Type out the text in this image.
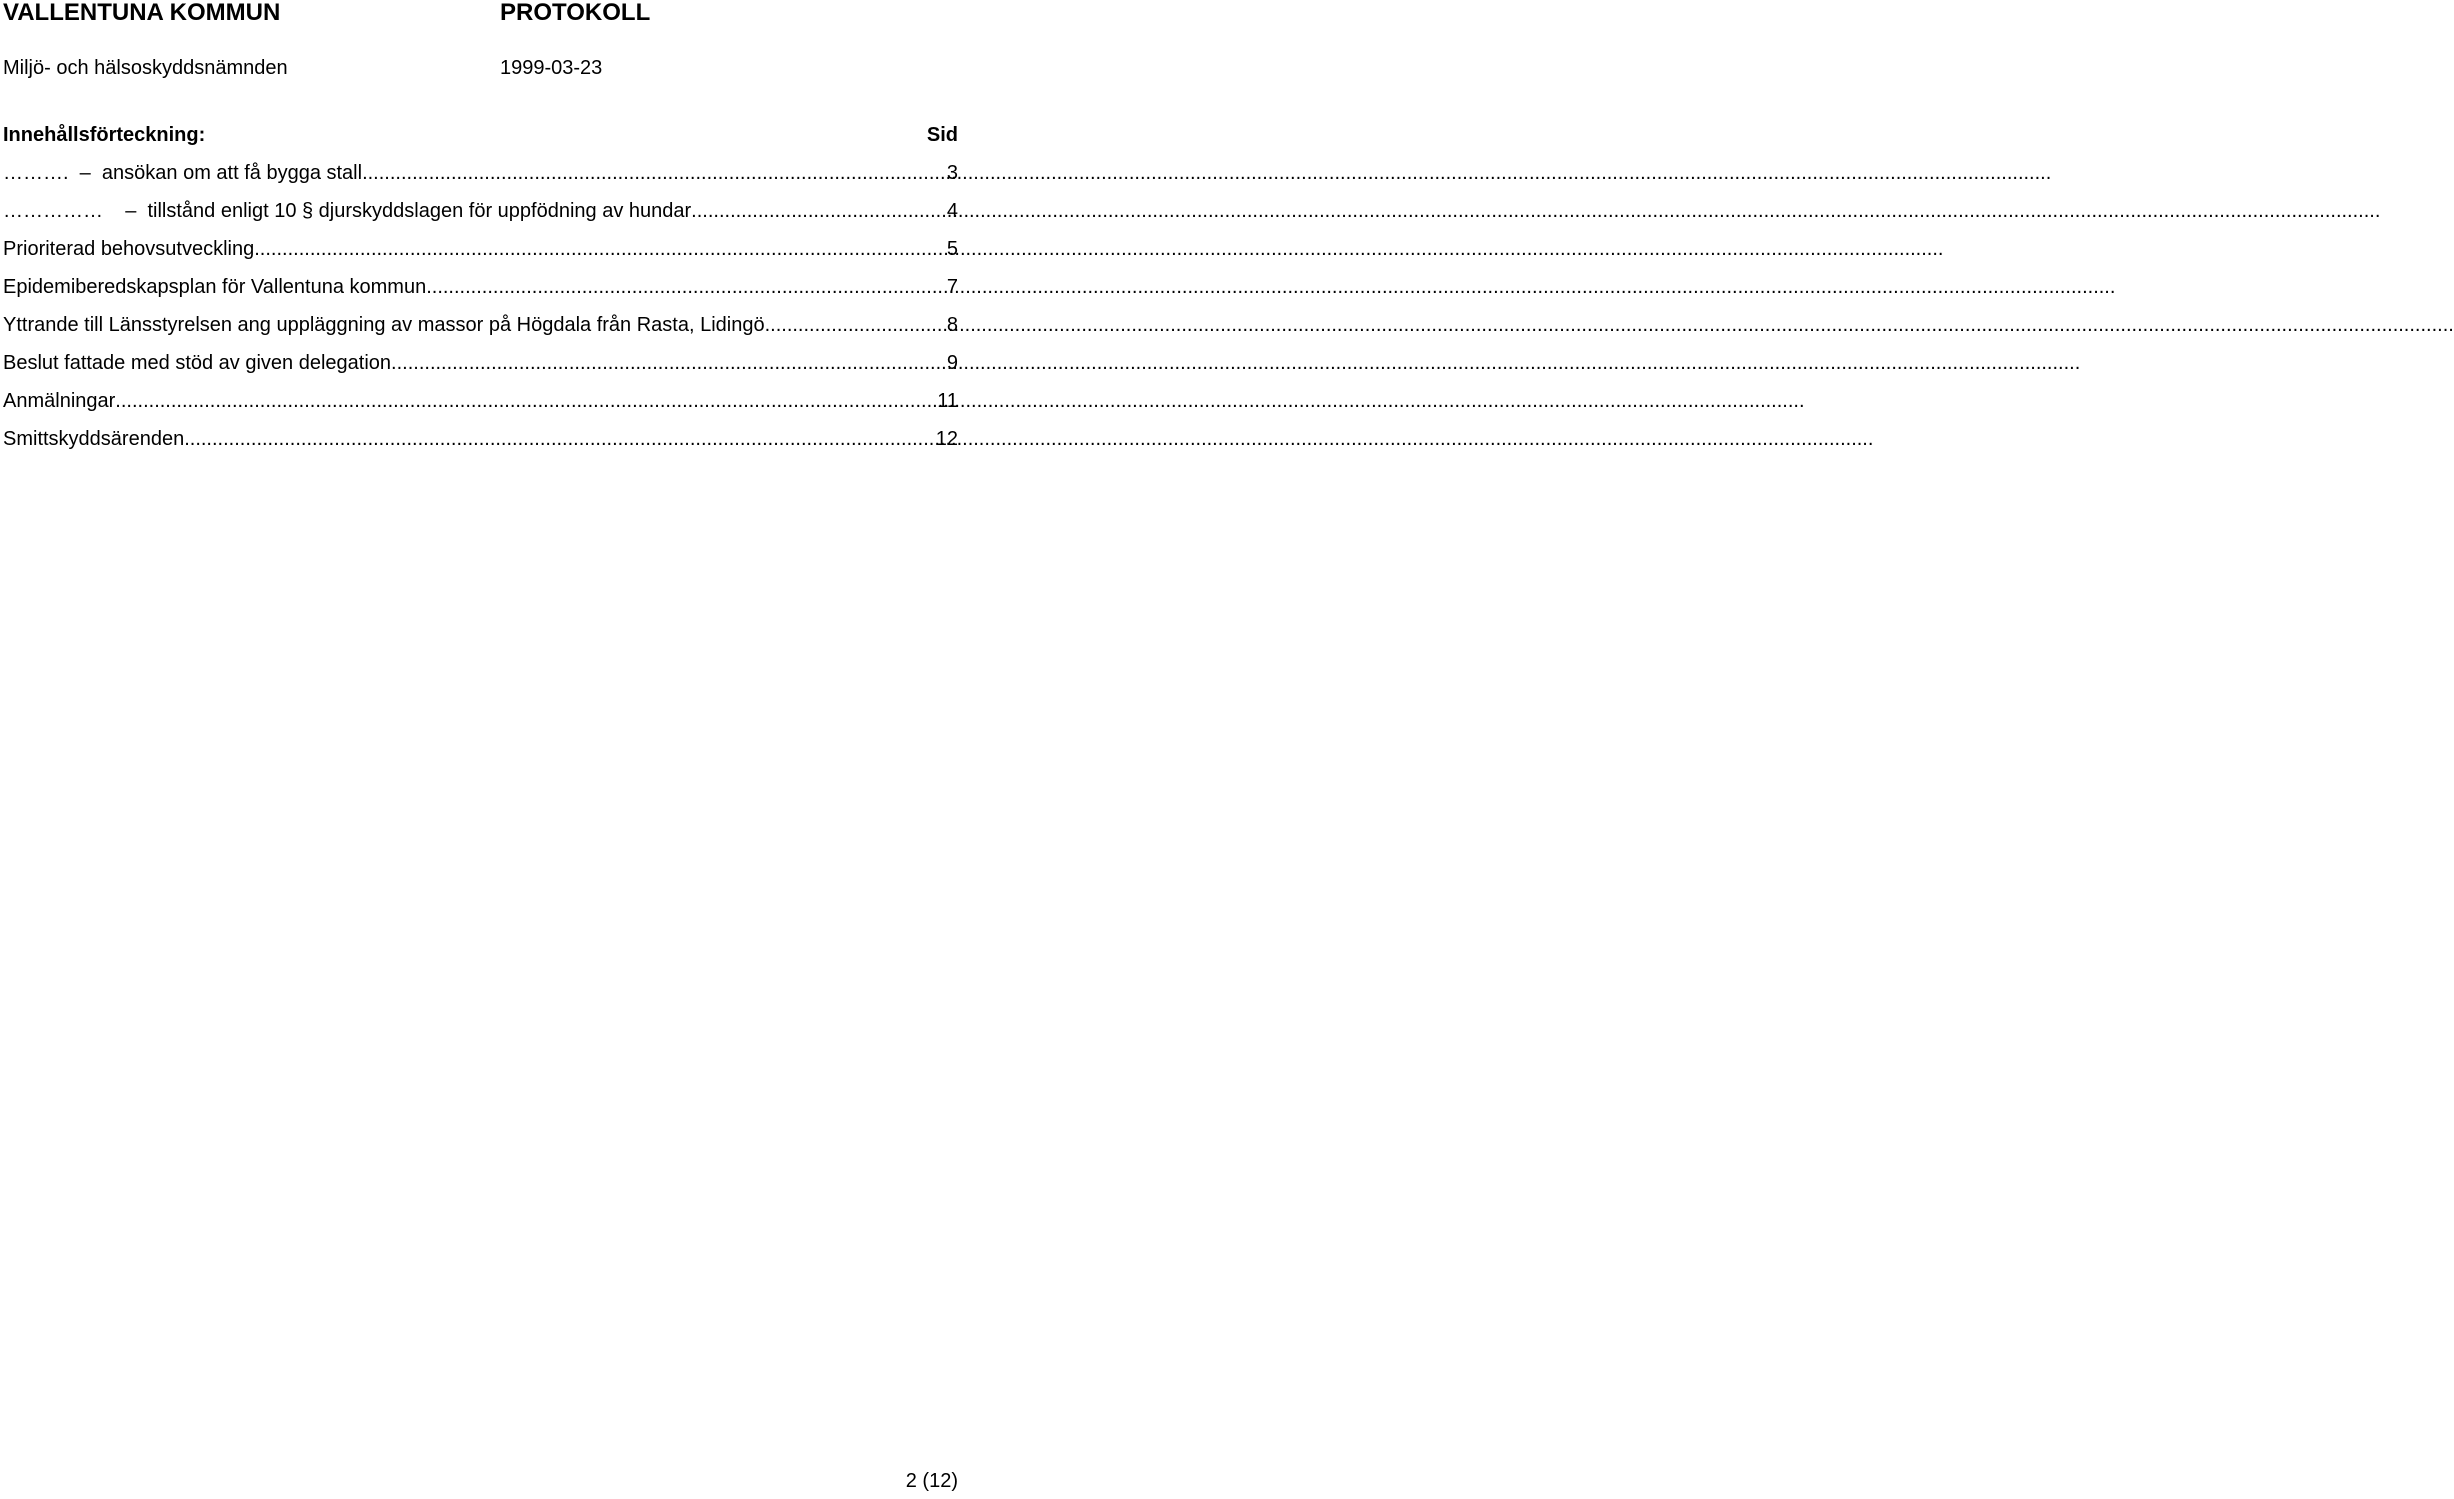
VALLENTUNA KOMMUN	PROTOKOLL
Miljö- och hälsoskyddsnämnden	1999-03-23
Innehållsförteckning:	Sid
……….  –  ansökan om att få bygga stall .....	3
……………    –  tillstånd enligt 10 § djurskyddslagen för uppfödning av hundar .....	4
Prioriterad behovsutveckling .....	5
Epidemiberedskapsplan för Vallentuna kommun .....	7
Yttrande till Länsstyrelsen ang uppläggning av massor på Högdala från Rasta, Lidingö .....	8
Beslut fattade med stöd av given delegation .....	9
Anmälningar .....	11
Smittskyddsärenden .....	12
2 (12)
